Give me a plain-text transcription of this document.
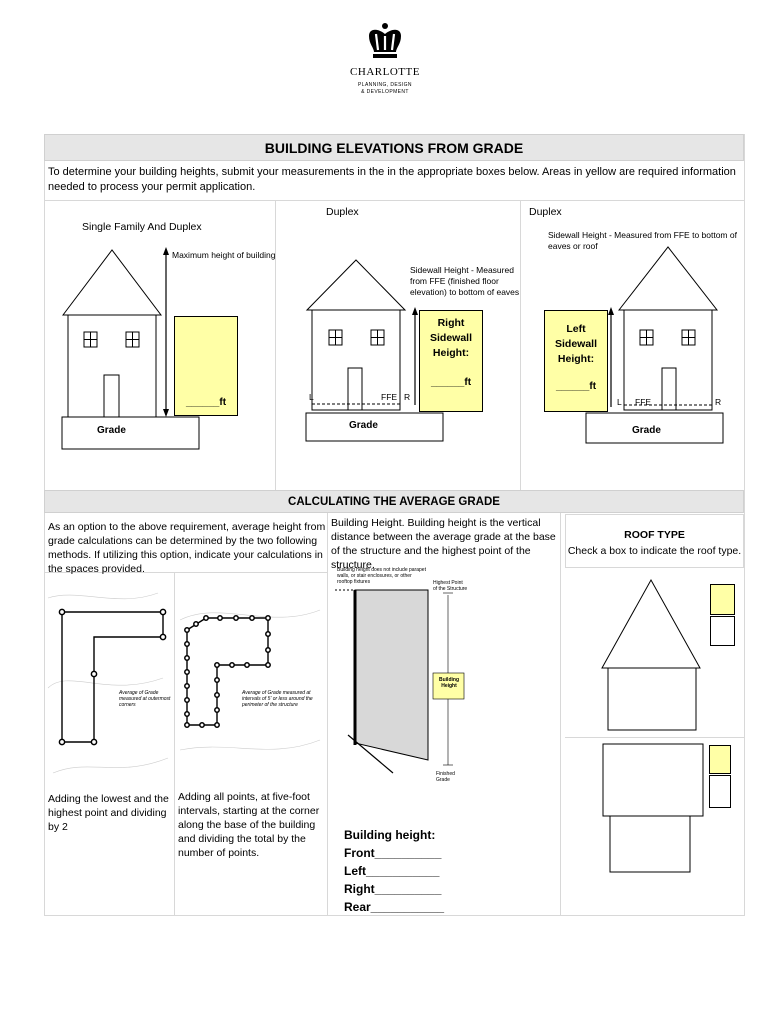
CHARLOTTE
PLANNING, DESIGN
& DEVELOPMENT
BUILDING ELEVATIONS FROM GRADE
To determine your building heights, submit your measurements in the in the appropriate boxes below. Areas in yellow are required information needed to process your permit application.
Single Family And Duplex
Maximum height of building
______ft
Grade
Duplex
Sidewall Height - Measured from FFE (finished floor elevation) to bottom of eaves
Right Sidewall Height:
______ft
L	FFE R
Grade
Duplex
Sidewall Height - Measured from FFE to bottom of eaves or roof
Left Sidewall Height:
______ft
L FFE	R
Grade
CALCULATING THE AVERAGE GRADE
As an option to the above requirement, average height from grade calculations can be determined by the two following methods. If utilizing this option, indicate your calculations in the spaces provided.
Building Height. Building height is the vertical distance between the average grade at the base of the structure and the highest point of the structure.
ROOF TYPE
Check a box to indicate the roof type.
Average of Grade measured at outermost corners
Adding the lowest and the highest point and dividing by 2
Average of Grade measured at intervals of 5' or less around the perimeter of the structure
Adding all points, at five-foot intervals, starting at the corner along the base of the building and dividing the total by the number of points.
Building height does not include parapet walls, or stair enclosures, or other rooftop fixtures	Highest Point of the Structure
Building Height
Finished Grade
Building height:
Front__________
Left___________
Right__________
Rear___________
